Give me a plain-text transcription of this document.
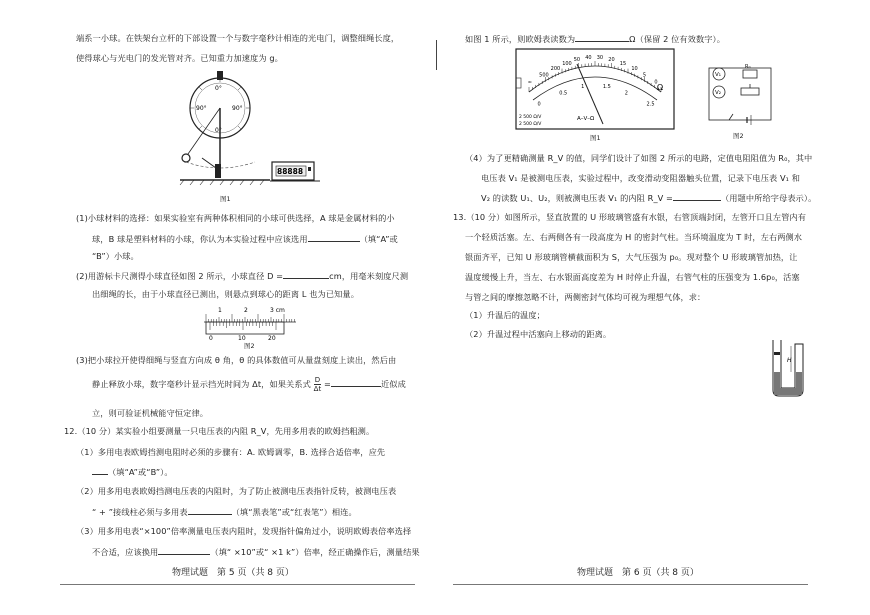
端系一小球。在铁架台立杆的下部设置一个与数字毫秒计相连的光电门，调整细绳长度，
使得球心与光电门的发光管对齐。已知重力加速度为 g。
0°
90°	90°
0°
88888
图1
(1)小球材料的选择：如果实验室有两种体积相同的小球可供选择，A 球是金属材料的小
球，B 球是塑料材料的小球，你认为本实验过程中应该选用	（填“A”或
“B”）小球。
(2)用游标卡尺测得小球直径如图 2 所示，小球直径 D =	cm，用毫米刻度尺测
出细绳的长，由于小球直径已测出，则悬点到球心的距离 L 也为已知量。
1	2	3 cm
0	10	20
图2
(3)把小球拉开使得细绳与竖直方向成 θ 角，θ 的具体数值可从量盘刻度上读出，然后由
静止释放小球，数字毫秒计显示挡光时间为 Δt，如果关系式 $\frac{D}{\Delta t}$ =	近似成
立，则可验证机械能守恒定律。
12.（10 分）某实验小组要测量一只电压表的内阻 R_V，先用多用表的欧姆挡粗测。
（1）多用电表欧姆挡测电阻时必须的步骤有：A. 欧姆调零，B. 选择合适倍率，应先
（填“A”或“B”）。
（2）用多用电表欧姆挡测电压表的内阻时，为了防止被测电压表指针反转，被测电压表
“ + ”接线柱必须与多用表	（填“黑表笔”或“红表笔”）相连。
（3）用多用电表“×100”倍率测量电压表内阻时，发现指针偏角过小，说明欧姆表倍率选择
不合适，应该换用	（填“ ×10”或“ ×1 k”）倍率，经正确操作后，测量结果
物理试题　第 5 页（共 8 页）
如图 1 所示，则欧姆表读数为	Ω（保留 2 位有效数字）。
∞
500
200
100
50 40 30 20
15
10
5
0
Ω
0
0.5
1	1.5
2
2.5
A–V–Ω
2 500 Ω/V
2 500 Ω/V
图1
V₁
V₂
R₀
图2
（4）为了更精确测量 R_V 的值，同学们设计了如图 2 所示的电路，定值电阻阻值为 R₀，其中
电压表 V₁ 是被测电压表，实验过程中，改变滑动变阻器触头位置，记录下电压表 V₁ 和
V₂ 的读数 U₁、U₂，则被测电压表 V₁ 的内阻 R_V =	（用题中所给字母表示）。
13.（10 分）如图所示，竖直放置的 U 形玻璃管盛有水银，右管顶端封闭，左管开口且左管内有
一个轻质活塞。左、右两侧各有一段高度为 H 的密封气柱。当环境温度为 T 时，左右两侧水
银面齐平，已知 U 形玻璃管横截面积为 S，大气压强为 p₀。现对整个 U 形玻璃管加热，让
温度缓慢上升，当左、右水银面高度差为 H 时停止升温，右管气柱的压强变为 1.6p₀，活塞
与管之间的摩擦忽略不计，两侧密封气体均可视为理想气体，求：
（1）升温后的温度；
（2）升温过程中活塞向上移动的距离。
H
物理试题　第 6 页（共 8 页）
